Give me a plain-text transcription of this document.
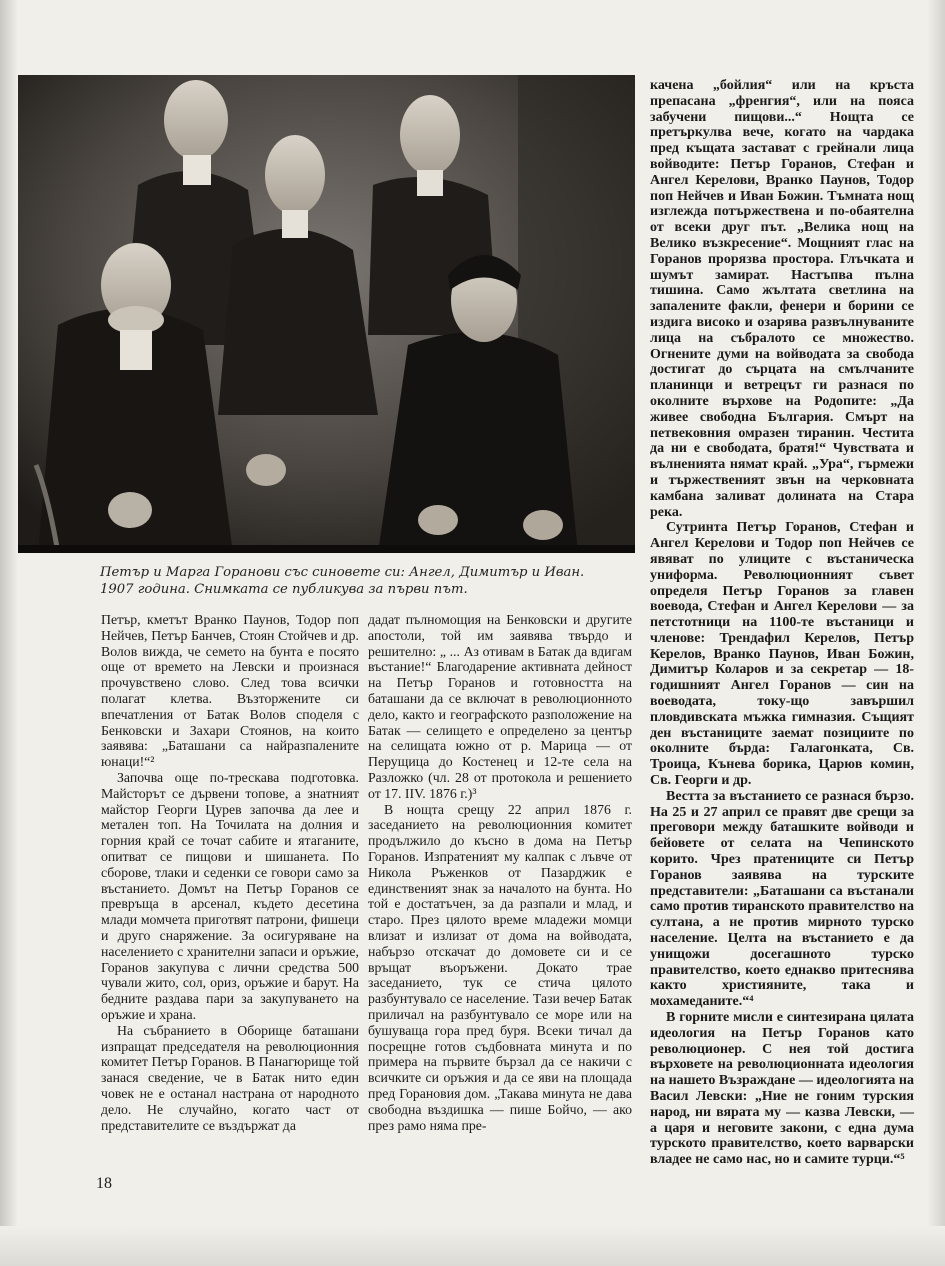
Петър и Марга Горанови със синовете си: Ангел, Димитър и Иван. 1907 година. Снимката се публикува за първи път.

Петър, кметът Вранко Паунов, Тодор поп Нейчев, Петър Банчев, Стоян Стойчев и др. Волов вижда, че семето на бунта е посято още от времето на Левски и произнася прочувствено слово. След това всички полагат клетва. Възторжените си впечатления от Батак Волов споделя с Бенковски и Захари Стоянов, на които заявява: „Баташани са найразпалените юнаци!“²

Започва още по-трескава подготовка. Майсторът се дървени топове, а знатният майстор Георги Цурев започва да лее и метален топ. На Точилата на долния и горния край се точат сабите и ятаганите, опитват се пищови и шишанета. По сборове, тлаки и седенки се говори само за въстанието. Домът на Петър Горанов се превръща в арсенал, където десетина млади момчета приготвят патрони, фишеци и друго снаряжение. За осигуряване на населението с хранителни запаси и оръжие, Горанов закупува с лични средства 500 чували жито, сол, ориз, оръжие и барут. На бедните раздава пари за закупуването на оръжие и храна.

На събранието в Оборище баташани изпращат председателя на революционния комитет Петър Горанов. В Панагюрище той занася сведение, че в Батак нито един човек не е останал настрана от народното дело. Не случайно, когато част от представителите се въздържат да

дадат пълномощия на Бенковски и другите апостоли, той им заявява твърдо и решително: „ ... Аз отивам в Батак да вдигам въстание!“ Благодарение активната дейност на Петър Горанов и готовността на баташани да се включат в революционното дело, както и географското разположение на Батак — селището е определено за център на селищата южно от р. Марица — от Перущица до Костенец и 12-те села на Разложко (чл. 28 от протокола и решението от 17. IIV. 1876 г.)³

В нощта срещу 22 април 1876 г. заседанието на революционния комитет продължило до късно в дома на Петър Горанов. Изпратеният му калпак с лъвче от Никола Ръженков от Пазарджик е единственият знак за началото на бунта. Но той е достатъчен, за да разпали и млад, и старо. През цялото време младежи момци влизат и излизат от дома на войводата, набързо отскачат до домовете си и се връщат въоръжени. Докато трае заседанието, тук се стича цялото разбунтувало се население. Тази вечер Батак приличал на разбунтувало се море или на бушуваща гора пред буря. Всеки тичал да посрещне готов съдбовната минута и по примера на първите бързал да се накичи с всичките си оръжия и да се яви на площада пред Горановия дом. „Такава минута не дава свободна въздишка — пише Бойчо, — ако през рамо няма пре-

качена „бойлия“ или на кръста препасана „френгия“, или на пояса забучени пищови...“ Нощта се претъркулва вече, когато на чардака пред къщата застават с грейнали лица войводите: Петър Горанов, Стефан и Ангел Керелови, Вранко Паунов, Тодор поп Нейчев и Иван Божин. Тъмната нощ изглежда потържествена и по-обаятелна от всеки друг път. „Велика нощ на Велико възкресение“. Мощният глас на Горанов прорязва простора. Глъчката и шумът замират. Настъпва пълна тишина. Само жълтата светлина на запалените факли, фенери и борини се издига високо и озарява развълнуваните лица на събралото се множество. Огнените думи на войводата за свобода достигат до сърцата на смълчаните планинци и ветрецът ги разнася по околните върхове на Родопите: „Да живее свободна България. Смърт на петвековния омразен тиранин. Честита да ни е свободата, братя!“ Чувствата и вълненията нямат край. „Ура“, гърмежи и тържественият звън на черковната камбана заливат долината на Стара река.

Сутринта Петър Горанов, Стефан и Ангел Керелови и Тодор поп Нейчев се явяват по улиците с въстаническа униформа. Революционният съвет определя Петър Горанов за главен воевода, Стефан и Ангел Керелови — за петстотници на 1100-те въстаници и членове: Трендафил Керелов, Петър Керелов, Вранко Паунов, Иван Божин, Димитър Коларов и за секретар — 18-годишният Ангел Горанов — син на воеводата, току-що завършил пловдивската мъжка гимназия. Същият ден въстаниците заемат позициите по околните бърда: Галагонката, Св. Троица, Кънева борика, Царюв комин, Св. Георги и др.

Вестта за въстанието се разнася бързо. На 25 и 27 април се правят две срещи за преговори между баташките войводи и бейовете от селата на Чепинското корито. Чрез пратениците си Петър Горанов заявява на турските представители: „Баташани са въстанали само против тиранското правителство на султана, а не против мирното турско население. Целта на въстанието е да унищожи досегашното турско правителство, което еднакво притеснява както християните, така и мохамеданите.“⁴

В горните мисли е синтезирана цялата идеология на Петър Горанов като революционер. С нея той достига върховете на революционната идеология на нашето Възраждане — идеологията на Васил Левски: „Ние не гоним турския народ, ни вярата му — казва Левски, — а царя и неговите закони, с една дума турското правителство, което варварски владее не само нас, но и самите турци.“⁵

18
